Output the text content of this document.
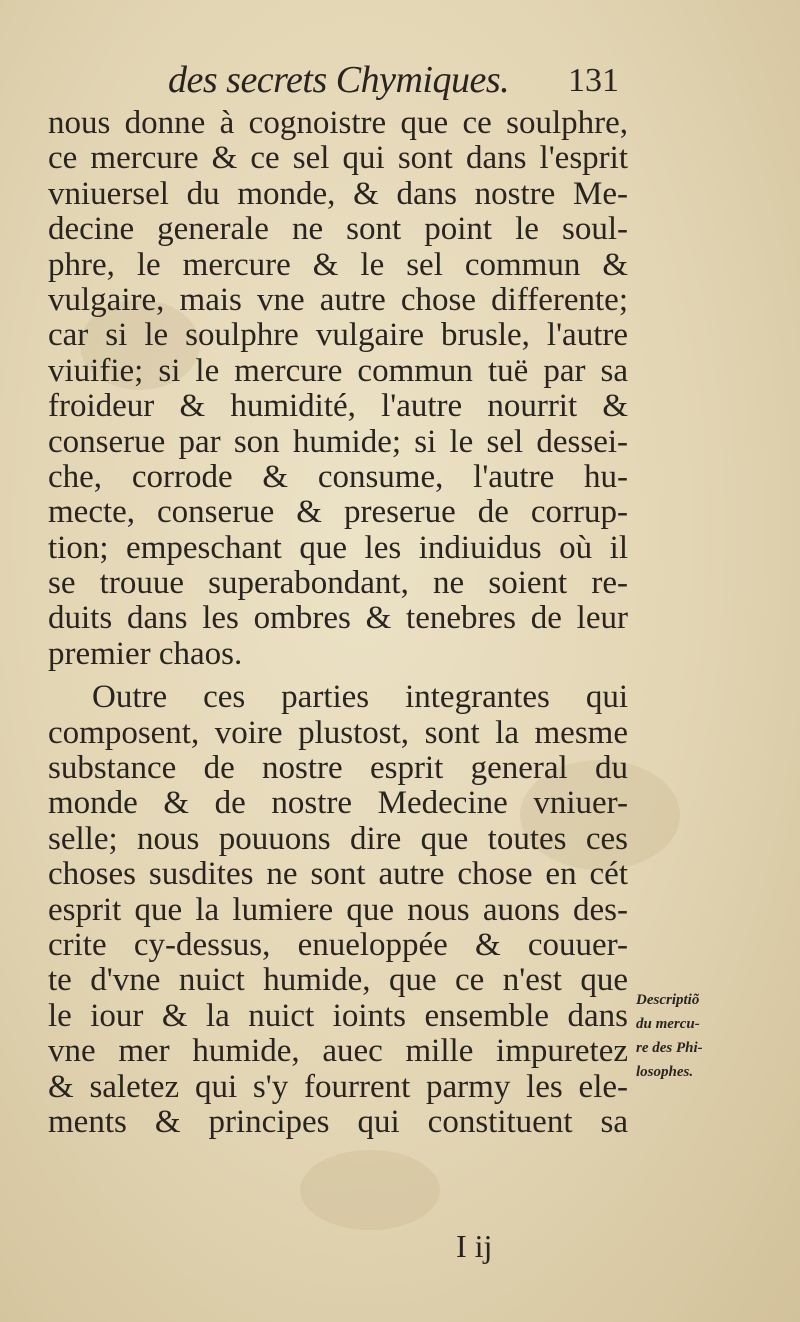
des secrets Chymiques. 131
nous donne à cognoistre que ce soulphre,
ce mercure & ce sel qui sont dans l'esprit
vniuersel du monde, & dans nostre Me-
decine generale ne sont point le soul-
phre, le mercure & le sel commun &
vulgaire, mais vne autre chose differente;
car si le soulphre vulgaire brusle, l'autre
viuifie; si le mercure commun tuë par sa
froideur & humidité, l'autre nourrit &
conserue par son humide; si le sel dessei-
che, corrode & consume, l'autre hu-
mecte, conserue & preserue de corrup-
tion; empeschant que les indiuidus où il
se trouue superabondant, ne soient re-
duits dans les ombres & tenebres de leur
premier chaos.
Outre ces parties integrantes qui
composent, voire plustost, sont la mesme
substance de nostre esprit general du
monde & de nostre Medecine vniuer-
selle; nous pouuons dire que toutes ces
choses susdites ne sont autre chose en cét
esprit que la lumiere que nous auons des-
crite cy-dessus, enueloppée & couuer-
te d'vne nuict humide, que ce n'est que
le iour & la nuict ioints ensemble dans
vne mer humide, auec mille impuretez
& saletez qui s'y fourrent parmy les ele-
ments & principes qui constituent sa
Descriptiõ
du mercu-
re des Phi-
losophes.
I ij
